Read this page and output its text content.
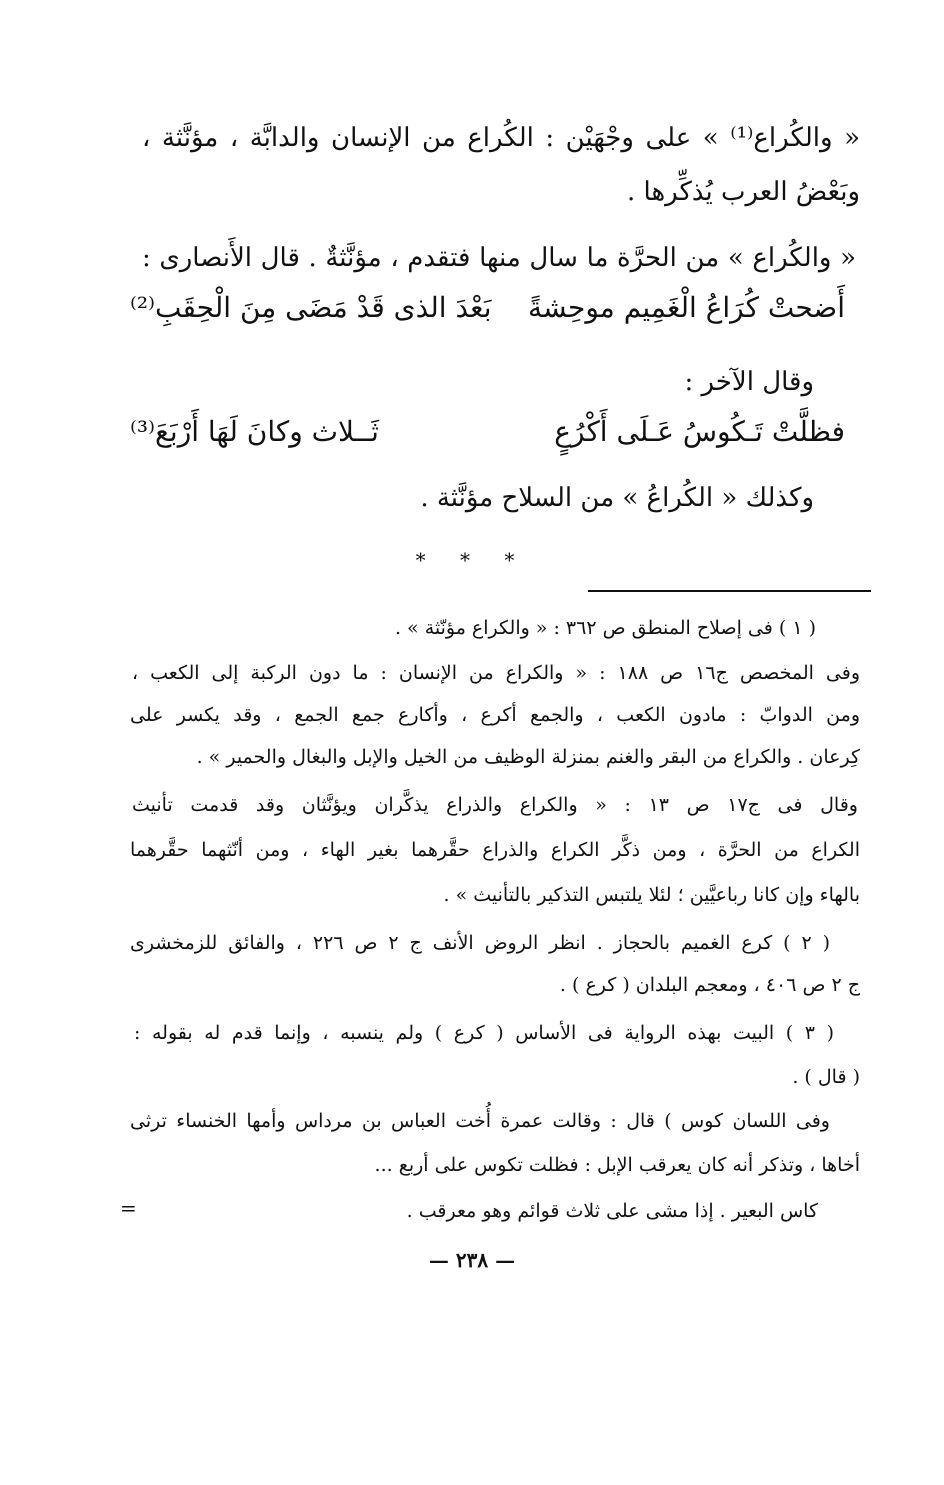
« والكُراع⁽¹⁾ » على وجْهَيْن : الكُراع من الإنسان والدابَّة ، مؤنَّثة ،
وبَعْضُ العرب يُذكِّرها .
« والكُراع » من الحرَّة ما سال منها فتقدم ، مؤنَّثةٌ . قال الأَنصارى :
أَضحتْ كُرَاعُ الْغَمِيم موحِشةً
بَعْدَ الذى قَدْ مَضَى مِنَ الْحِقَبِ⁽²⁾
وقال الآخر :
فظلَّتْ تَـكُوسُ عَـلَى أَكْرُعٍ
ثَــلاث وكانَ لَهَا أَرْبَعَ⁽³⁾
وكذلك « الكُراعُ » من السلاح مؤنَّثة .
* * *
( ١ ) فى إصلاح المنطق ص ٣٦٢ : « والكراع مؤنّثة » .
وفى المخصص ج١٦ ص ١٨٨ : « والكراع من الإنسان : ما دون الركبة إلى الكعب ،
ومن الدوابّ : مادون الكعب ، والجمع أكرع ، وأكارع جمع الجمع ، وقد يكسر على
كِرعان . والكراع من البقر والغنم بمنزلة الوظيف من الخيل والإبل والبغال والحمير » .
وقال فى ج١٧ ص ١٣ : « والكراع والذراع يذكَّران ويؤنَّثان وقد قدمت تأنيث
الكراع من الحرَّة ، ومن ذكَّر الكراع والذراع حقَّرهما بغير الهاء ، ومن أنّثهما حقَّرهما
بالهاء وإن كانا رباعيَّين ؛ لئلا يلتبس التذكير بالتأنيث » .
( ٢ ) كرع الغميم بالحجاز . انظر الروض الأنف ج ٢ ص ٢٢٦ ، والفائق للزمخشرى
ج ٢ ص ٤٠٦ ، ومعجم البلدان ( كرع ) .
( ٣ ) البيت بهذه الرواية فى الأساس ( كرع ) ولم ينسبه ، وإنما قدم له بقوله :
( قال ) .
وفى اللسان كوس ) قال : وقالت عمرة أُخت العباس بن مرداس وأمها الخنساء ترثى
أخاها ، وتذكر أنه كان يعرقب الإبل : فظلت تكوس على أربع ...
كاس البعير . إذا مشى على ثلاث قوائم وهو معرقب .
=
— ٢٣٨ —
